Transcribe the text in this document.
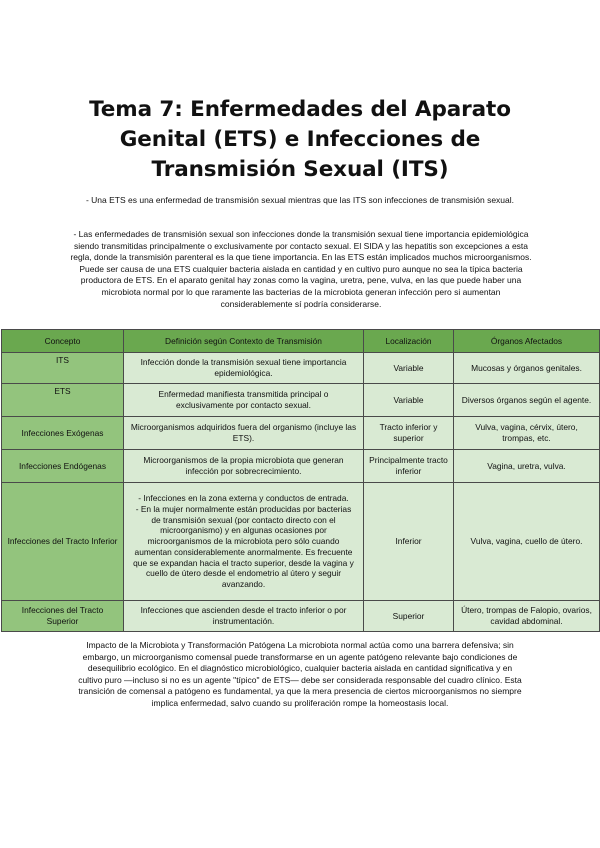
Tema 7: Enfermedades del Aparato
Genital (ETS) e Infecciones de
Transmisión Sexual (ITS)

- Una ETS es una enfermedad de transmisión sexual mientras que las ITS son infecciones de transmisión sexual.

- Las enfermedades de transmisión sexual son infecciones donde la transmisión sexual tiene importancia epidemiológica siendo transmitidas principalmente o exclusivamente por contacto sexual. El SIDA y las hepatitis son excepciones a esta regla, donde la transmisión parenteral es la que tiene importancia. En las ETS están implicados muchos microorganismos. Puede ser causa de una ETS cualquier bacteria aislada en cantidad y en cultivo puro aunque no sea la típica bacteria productora de ETS. En el aparato genital hay zonas como la vagina, uretra, pene, vulva, en las que puede haber una microbiota normal por lo que raramente las bacterias de la microbiota generan infección pero si aumentan considerablemente sí podría considerarse.

Concepto	Definición según Contexto de Transmisión	Localización	Órganos Afectados
ITS	Infección donde la transmisión sexual tiene importancia epidemiológica.	Variable	Mucosas y órganos genitales.
ETS	Enfermedad manifiesta transmitida principal o exclusivamente por contacto sexual.	Variable	Diversos órganos según el agente.
Infecciones Exógenas	Microorganismos adquiridos fuera del organismo (incluye las ETS).	Tracto inferior y superior	Vulva, vagina, cérvix, útero, trompas, etc.
Infecciones Endógenas	Microorganismos de la propia microbiota que generan infección por sobrecrecimiento.	Principalmente tracto inferior	Vagina, uretra, vulva.
Infecciones del Tracto Inferior	- Infecciones en la zona externa y conductos de entrada.
- En la mujer normalmente están producidas por bacterias de transmisión sexual (por contacto directo con el microorganismo) y en algunas ocasiones por microorganismos de la microbiota pero sólo cuando aumentan considerablemente anormalmente. Es frecuente que se expandan hacia el tracto superior, desde la vagina y cuello de útero desde el endometrio al útero y seguir avanzando.	Inferior	Vulva, vagina, cuello de útero.
Infecciones del Tracto Superior	Infecciones que ascienden desde el tracto inferior o por instrumentación.	Superior	Útero, trompas de Falopio, ovarios, cavidad abdominal.

Impacto de la Microbiota y Transformación Patógena La microbiota normal actúa como una barrera defensiva; sin embargo, un microorganismo comensal puede transformarse en un agente patógeno relevante bajo condiciones de desequilibrio ecológico. En el diagnóstico microbiológico, cualquier bacteria aislada en cantidad significativa y en cultivo puro —incluso si no es un agente "típico" de ETS— debe ser considerada responsable del cuadro clínico. Esta transición de comensal a patógeno es fundamental, ya que la mera presencia de ciertos microorganismos no siempre implica enfermedad, salvo cuando su proliferación rompe la homeostasis local.
